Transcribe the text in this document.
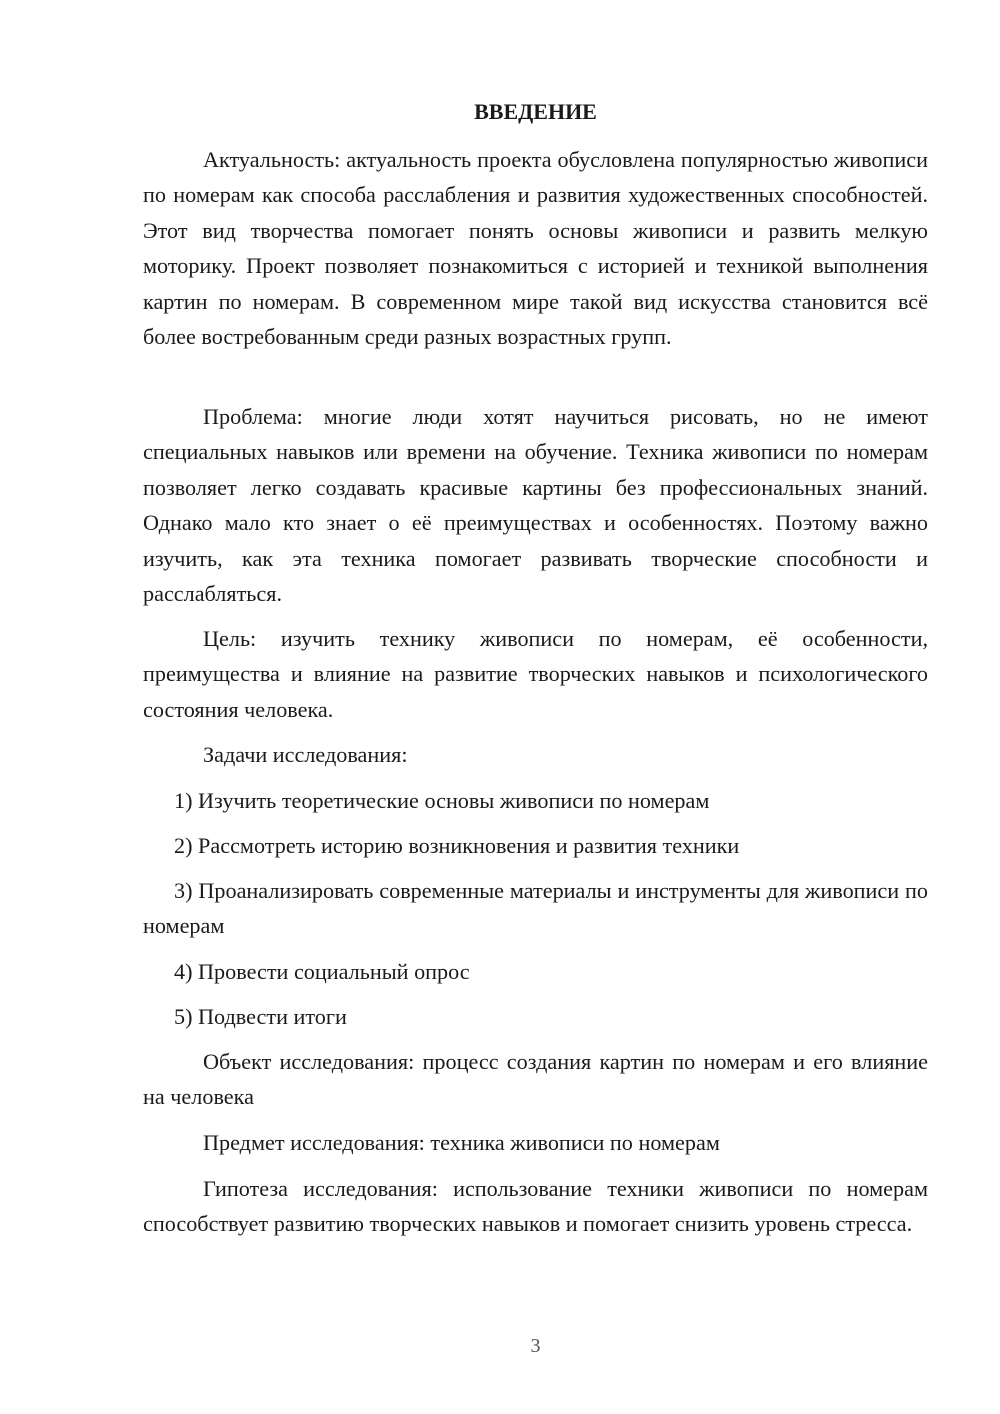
ВВЕДЕНИЕ

Актуальность: актуальность проекта обусловлена популярностью живописи по номерам как способа расслабления и развития художественных способностей. Этот вид творчества помогает понять основы живописи и развить мелкую моторику. Проект позволяет познакомиться с историей и техникой выполнения картин по номерам. В современном мире такой вид искусства становится всё более востребованным среди разных возрастных групп.

Проблема: многие люди хотят научиться рисовать, но не имеют специальных навыков или времени на обучение. Техника живописи по номерам позволяет легко создавать красивые картины без профессиональных знаний. Однако мало кто знает о её преимуществах и особенностях. Поэтому важно изучить, как эта техника помогает развивать творческие способности и расслабляться.

Цель: изучить технику живописи по номерам, её особенности, преимущества и влияние на развитие творческих навыков и психологического состояния человека.

Задачи исследования:

1) Изучить теоретические основы живописи по номерам

2) Рассмотреть историю возникновения и развития техники

3) Проанализировать современные материалы и инструменты для живописи по номерам

4) Провести социальный опрос

5) Подвести итоги

Объект исследования: процесс создания картин по номерам и его влияние на человека

Предмет исследования: техника живописи по номерам

Гипотеза исследования: использование техники живописи по номерам способствует развитию творческих навыков и помогает снизить уровень стресса.

3
